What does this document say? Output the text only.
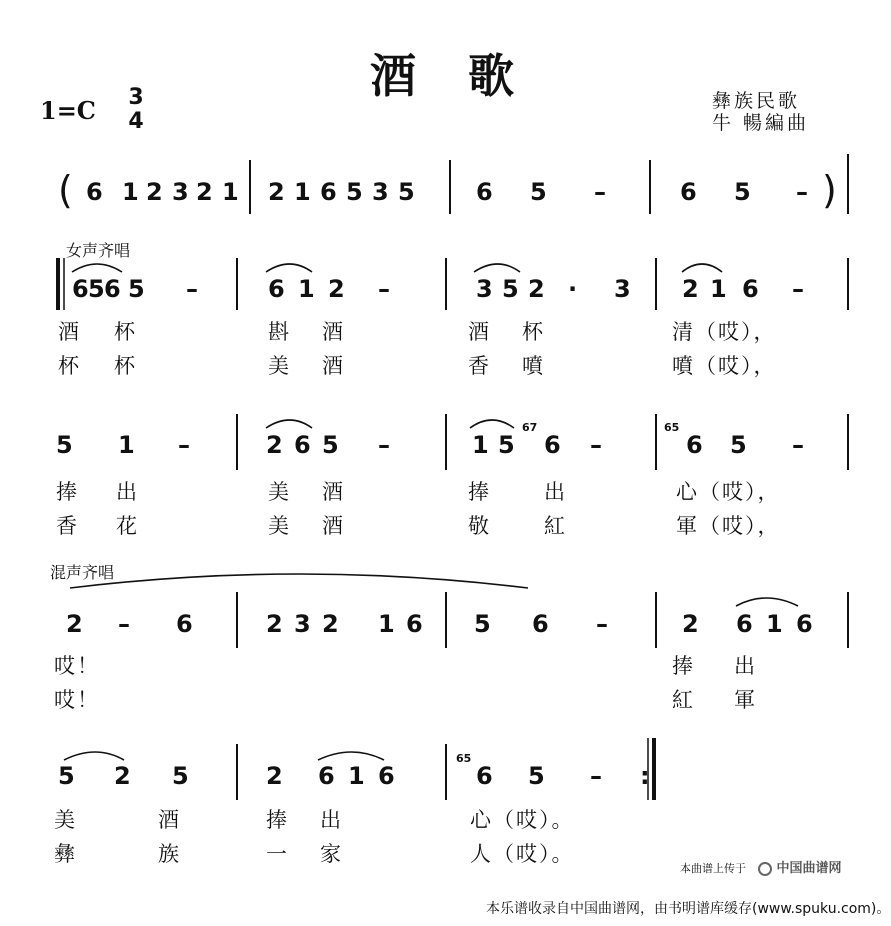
酒 歌
1=C 3
4
彝族民歌
牛 暢編曲
女声齐唱
混声齐唱
(	)
6 1 2 3 2 1 2 1 6 5 3 5	6 5 –	6 5 –
6 5 6 5 –	6 1 2 –	3 5 2 · 3 2 1 6 –
5 1 –	2 6 5 –	1 5 6 –
67
6 5 –
65
2 – 6	2 3 2 1 6 5 6 –	2 6 1 6
5 2 5	2 6 1 6	6 5 – :
65
酒 杯	斟 酒	酒 杯	清（哎），
杯 杯	美 酒	香 噴	噴（哎），
捧 出	美 酒	捧	出	心（哎），
香 花	美 酒	敬	紅	軍（哎），
哎！	捧 出
哎！	紅 軍
美	酒	捧 出	心（哎）。
彝	族	一 家	人（哎）。
本曲谱上传于	中国曲谱网
本乐谱收录自中国曲谱网，由书明谱库缓存(www.spuku.com)。
